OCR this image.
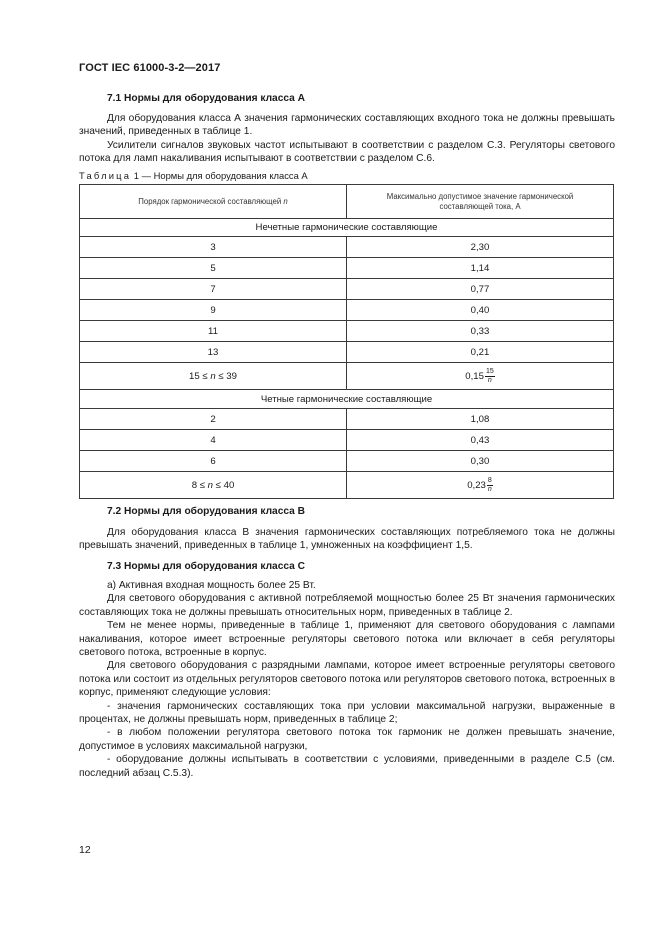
ГОСТ IEC 61000-3-2—2017
7.1 Нормы для оборудования класса А

Для оборудования класса А значения гармонических составляющих входного тока не должны превышать значений, приведенных в таблице 1.

Усилители сигналов звуковых частот испытывают в соответствии с разделом С.3. Регуляторы светового потока для ламп накаливания испытывают в соответствии с разделом С.6.

Таблица 1 — Нормы для оборудования класса А
Порядок гармонической составляющей n	Максимально допустимое значение гармонической составляющей тока, А
Нечетные гармонические составляющие	
3	2,30
5	1,14
7	0,77
9	0,40
11	0,33
13	0,21
15 ≤ n ≤ 39	$0,15 \frac{15}{n}$

Четные гармонические составляющие	
2	1,08
4	0,43
6	0,30
8 ≤ n ≤ 40	$0,23 \frac{8}{n}$
7.2 Нормы для оборудования класса В

Для оборудования класса В значения гармонических составляющих потребляемого тока не должны превышать значений, приведенных в таблице 1, умноженных на коэффициент 1,5.

7.3 Нормы для оборудования класса С

а) Активная входная мощность более 25 Вт.

Для светового оборудования с активной потребляемой мощностью более 25 Вт значения гармонических составляющих тока не должны превышать относительных норм, приведенных в таблице 2.

Тем не менее нормы, приведенные в таблице 1, применяют для светового оборудования с лампами накаливания, которое имеет встроенные регуляторы светового потока или включает в себя регуляторы светового потока, встроенные в корпус.

Для светового оборудования с разрядными лампами, которое имеет встроенные регуляторы светового потока или состоит из отдельных регуляторов светового потока или регуляторов светового потока, встроенных в корпус, применяют следующие условия:

- значения гармонических составляющих тока при условии максимальной нагрузки, выраженные в процентах, не должны превышать норм, приведенных в таблице 2;

- в любом положении регулятора светового потока ток гармоник не должен превышать значение, допустимое в условиях максимальной нагрузки,

- оборудование должны испытывать в соответствии с условиями, приведенными в разделе С.5 (см. последний абзац С.5.3).

12
